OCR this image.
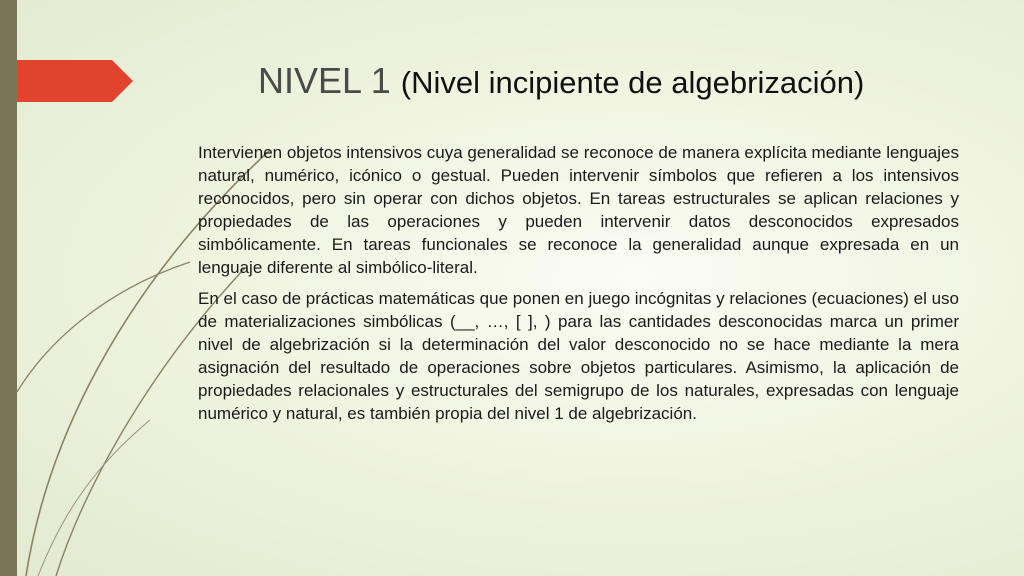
NIVEL 1 (Nivel incipiente de algebrización)

Intervienen objetos intensivos cuya generalidad se reconoce de manera explícita mediante lenguajes natural, numérico, icónico o gestual. Pueden intervenir símbolos que refieren a los intensivos reconocidos, pero sin operar con dichos objetos. En tareas estructurales se aplican relaciones y propiedades de las operaciones y pueden intervenir datos desconocidos expresados simbólicamente. En tareas funcionales se reconoce la generalidad aunque expresada en un lenguaje diferente al simbólico-literal.

En el caso de prácticas matemáticas que ponen en juego incógnitas y relaciones (ecuaciones) el uso de materializaciones simbólicas (__, …, [ ], ) para las cantidades desconocidas marca un primer nivel de algebrización si la determinación del valor desconocido no se hace mediante la mera asignación del resultado de operaciones sobre objetos particulares. Asimismo, la aplicación de propiedades relacionales y estructurales del semigrupo de los naturales, expresadas con lenguaje numérico y natural, es también propia del nivel 1 de algebrización.
